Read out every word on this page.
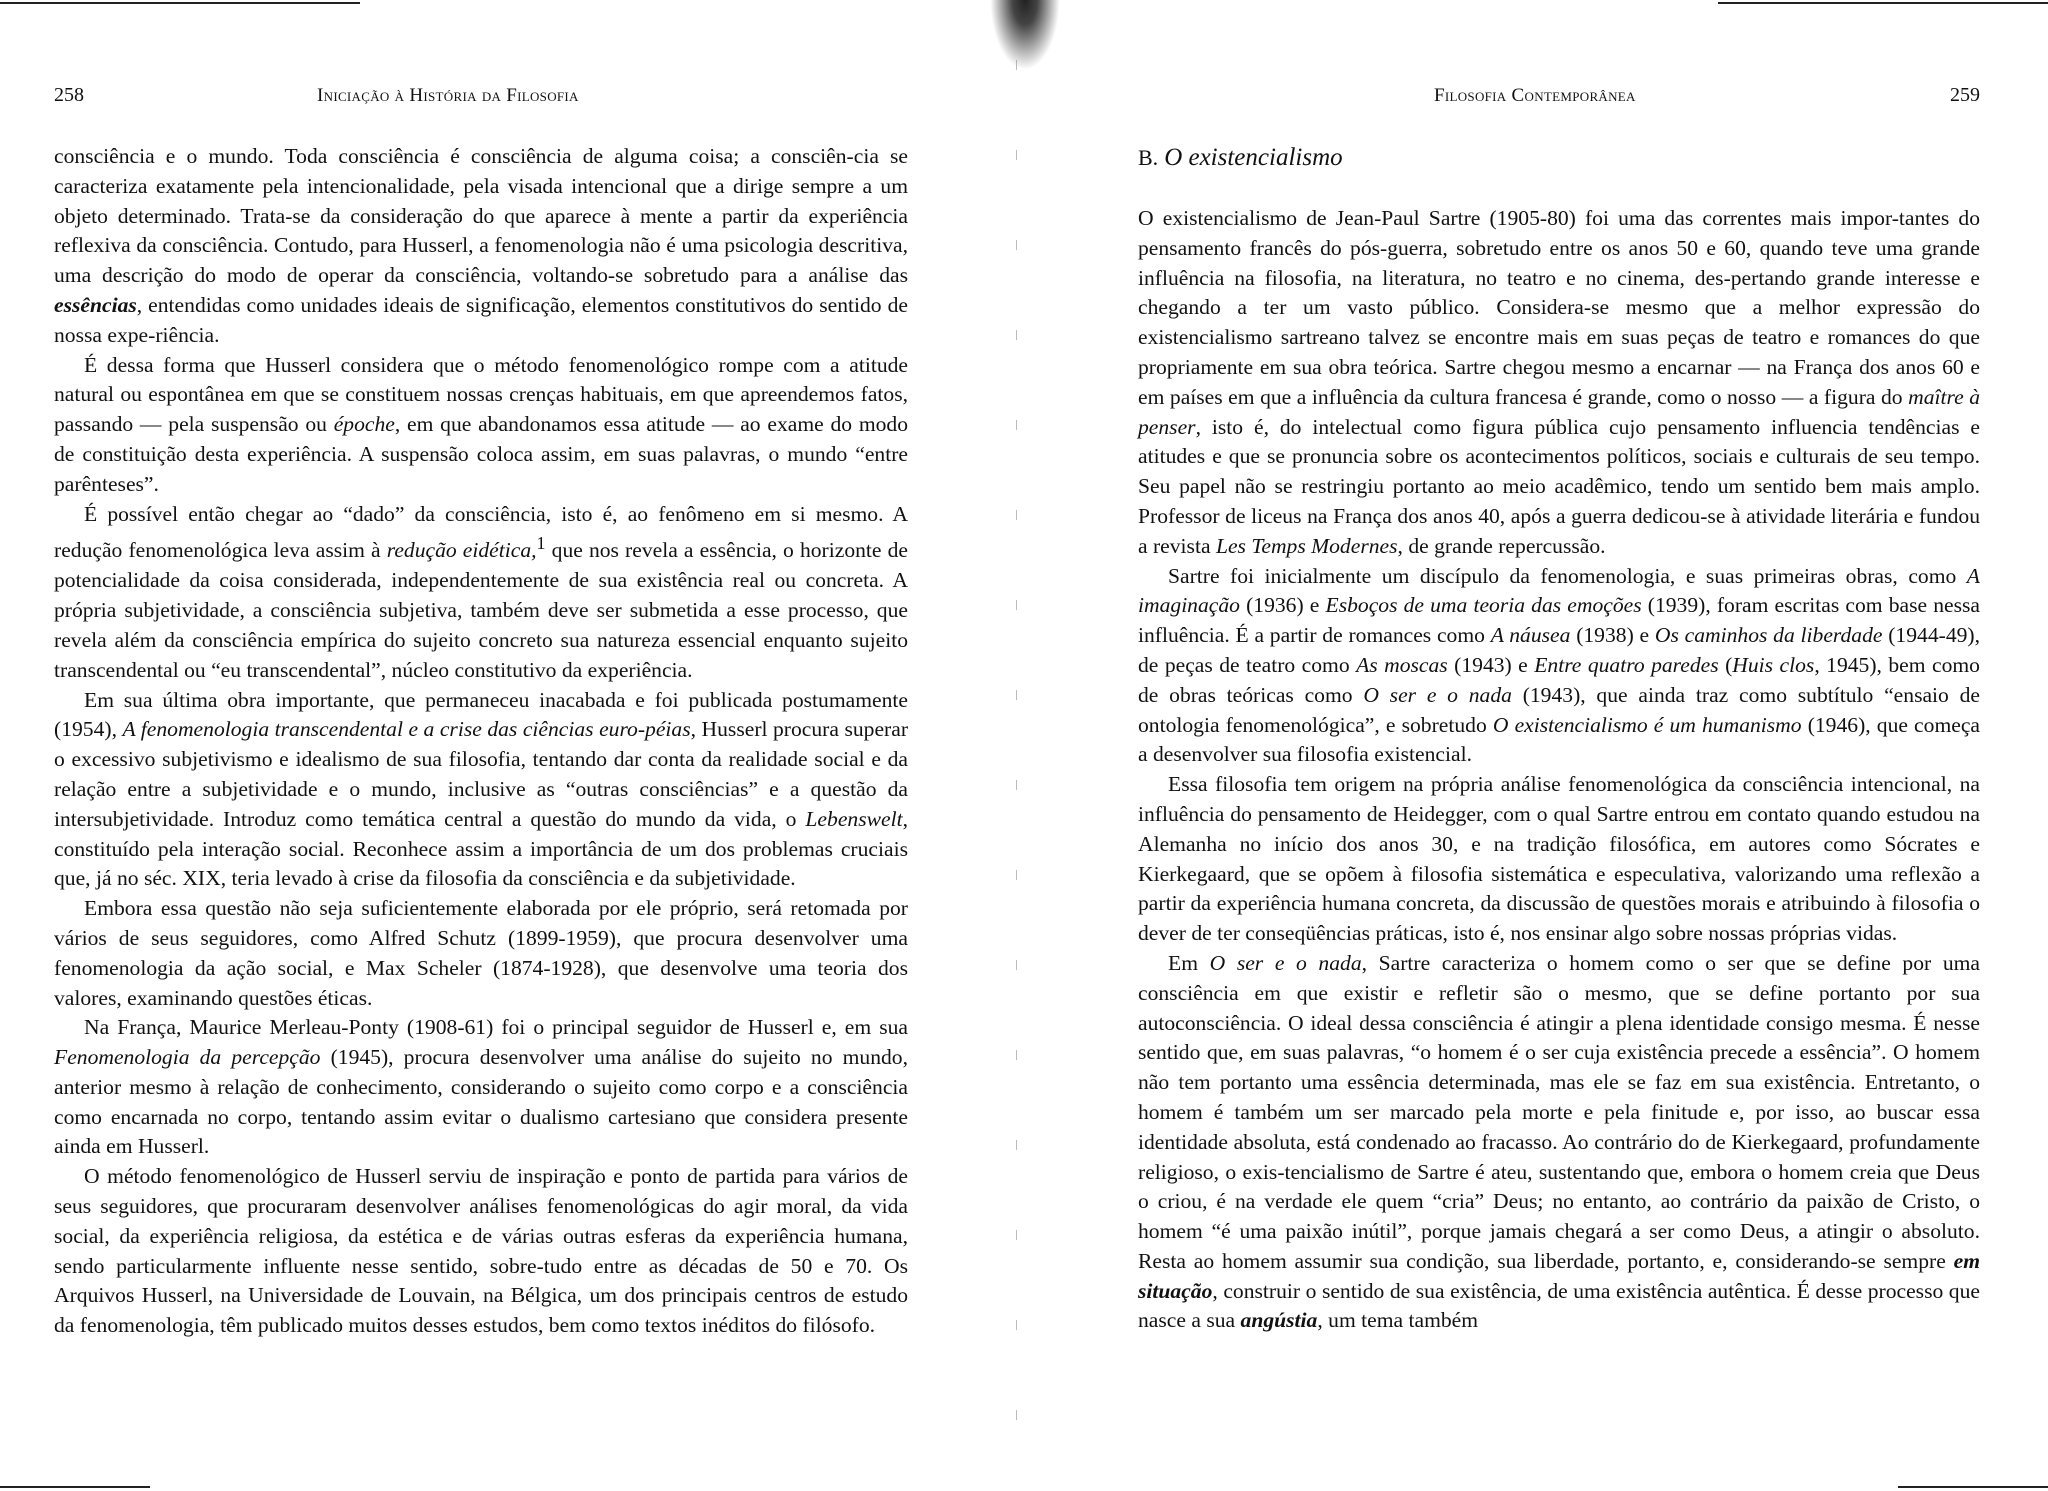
258	Iniciação à História da Filosofia

consciência e o mundo. Toda consciência é consciência de alguma coisa; a consciên-cia se caracteriza exatamente pela intencionalidade, pela visada intencional que a dirige sempre a um objeto determinado. Trata-se da consideração do que aparece à mente a partir da experiência reflexiva da consciência. Contudo, para Husserl, a fenomenologia não é uma psicologia descritiva, uma descrição do modo de operar da consciência, voltando-se sobretudo para a análise das essências, entendidas como unidades ideais de significação, elementos constitutivos do sentido de nossa expe-riência.

É dessa forma que Husserl considera que o método fenomenológico rompe com a atitude natural ou espontânea em que se constituem nossas crenças habituais, em que apreendemos fatos, passando — pela suspensão ou époche, em que abandonamos essa atitude — ao exame do modo de constituição desta experiência. A suspensão coloca assim, em suas palavras, o mundo “entre parênteses”.

É possível então chegar ao “dado” da consciência, isto é, ao fenômeno em si mesmo. A redução fenomenológica leva assim à redução eidética,$^1$ que nos revela a essência, o horizonte de potencialidade da coisa considerada, independentemente de sua existência real ou concreta. A própria subjetividade, a consciência subjetiva, também deve ser submetida a esse processo, que revela além da consciência empírica do sujeito concreto sua natureza essencial enquanto sujeito transcendental ou “eu transcendental”, núcleo constitutivo da experiência.

Em sua última obra importante, que permaneceu inacabada e foi publicada postumamente (1954), A fenomenologia transcendental e a crise das ciências euro-péias, Husserl procura superar o excessivo subjetivismo e idealismo de sua filosofia, tentando dar conta da realidade social e da relação entre a subjetividade e o mundo, inclusive as “outras consciências” e a questão da intersubjetividade. Introduz como temática central a questão do mundo da vida, o Lebenswelt, constituído pela interação social. Reconhece assim a importância de um dos problemas cruciais que, já no séc. XIX, teria levado à crise da filosofia da consciência e da subjetividade.

Embora essa questão não seja suficientemente elaborada por ele próprio, será retomada por vários de seus seguidores, como Alfred Schutz (1899-1959), que procura desenvolver uma fenomenologia da ação social, e Max Scheler (1874-1928), que desenvolve uma teoria dos valores, examinando questões éticas.

Na França, Maurice Merleau-Ponty (1908-61) foi o principal seguidor de Husserl e, em sua Fenomenologia da percepção (1945), procura desenvolver uma análise do sujeito no mundo, anterior mesmo à relação de conhecimento, considerando o sujeito como corpo e a consciência como encarnada no corpo, tentando assim evitar o dualismo cartesiano que considera presente ainda em Husserl.

O método fenomenológico de Husserl serviu de inspiração e ponto de partida para vários de seus seguidores, que procuraram desenvolver análises fenomenológicas do agir moral, da vida social, da experiência religiosa, da estética e de várias outras esferas da experiência humana, sendo particularmente influente nesse sentido, sobre-tudo entre as décadas de 50 e 70. Os Arquivos Husserl, na Universidade de Louvain, na Bélgica, um dos principais centros de estudo da fenomenologia, têm publicado muitos desses estudos, bem como textos inéditos do filósofo.

Filosofia Contemporânea	259
B. O existencialismo

O existencialismo de Jean-Paul Sartre (1905-80) foi uma das correntes mais impor-tantes do pensamento francês do pós-guerra, sobretudo entre os anos 50 e 60, quando teve uma grande influência na filosofia, na literatura, no teatro e no cinema, des-pertando grande interesse e chegando a ter um vasto público. Considera-se mesmo que a melhor expressão do existencialismo sartreano talvez se encontre mais em suas peças de teatro e romances do que propriamente em sua obra teórica. Sartre chegou mesmo a encarnar — na França dos anos 60 e em países em que a influência da cultura francesa é grande, como o nosso — a figura do maître à penser, isto é, do intelectual como figura pública cujo pensamento influencia tendências e atitudes e que se pronuncia sobre os acontecimentos políticos, sociais e culturais de seu tempo. Seu papel não se restringiu portanto ao meio acadêmico, tendo um sentido bem mais amplo. Professor de liceus na França dos anos 40, após a guerra dedicou-se à atividade literária e fundou a revista Les Temps Modernes, de grande repercussão.

Sartre foi inicialmente um discípulo da fenomenologia, e suas primeiras obras, como A imaginação (1936) e Esboços de uma teoria das emoções (1939), foram escritas com base nessa influência. É a partir de romances como A náusea (1938) e Os caminhos da liberdade (1944-49), de peças de teatro como As moscas (1943) e Entre quatro paredes (Huis clos, 1945), bem como de obras teóricas como O ser e o nada (1943), que ainda traz como subtítulo “ensaio de ontologia fenomenológica”, e sobretudo O existencialismo é um humanismo (1946), que começa a desenvolver sua filosofia existencial.

Essa filosofia tem origem na própria análise fenomenológica da consciência intencional, na influência do pensamento de Heidegger, com o qual Sartre entrou em contato quando estudou na Alemanha no início dos anos 30, e na tradição filosófica, em autores como Sócrates e Kierkegaard, que se opõem à filosofia sistemática e especulativa, valorizando uma reflexão a partir da experiência humana concreta, da discussão de questões morais e atribuindo à filosofia o dever de ter conseqüências práticas, isto é, nos ensinar algo sobre nossas próprias vidas.

Em O ser e o nada, Sartre caracteriza o homem como o ser que se define por uma consciência em que existir e refletir são o mesmo, que se define portanto por sua autoconsciência. O ideal dessa consciência é atingir a plena identidade consigo mesma. É nesse sentido que, em suas palavras, “o homem é o ser cuja existência precede a essência”. O homem não tem portanto uma essência determinada, mas ele se faz em sua existência. Entretanto, o homem é também um ser marcado pela morte e pela finitude e, por isso, ao buscar essa identidade absoluta, está condenado ao fracasso. Ao contrário do de Kierkegaard, profundamente religioso, o exis-tencialismo de Sartre é ateu, sustentando que, embora o homem creia que Deus o criou, é na verdade ele quem “cria” Deus; no entanto, ao contrário da paixão de Cristo, o homem “é uma paixão inútil”, porque jamais chegará a ser como Deus, a atingir o absoluto. Resta ao homem assumir sua condição, sua liberdade, portanto, e, considerando-se sempre em situação, construir o sentido de sua existência, de uma existência autêntica. É desse processo que nasce a sua angústia, um tema também
